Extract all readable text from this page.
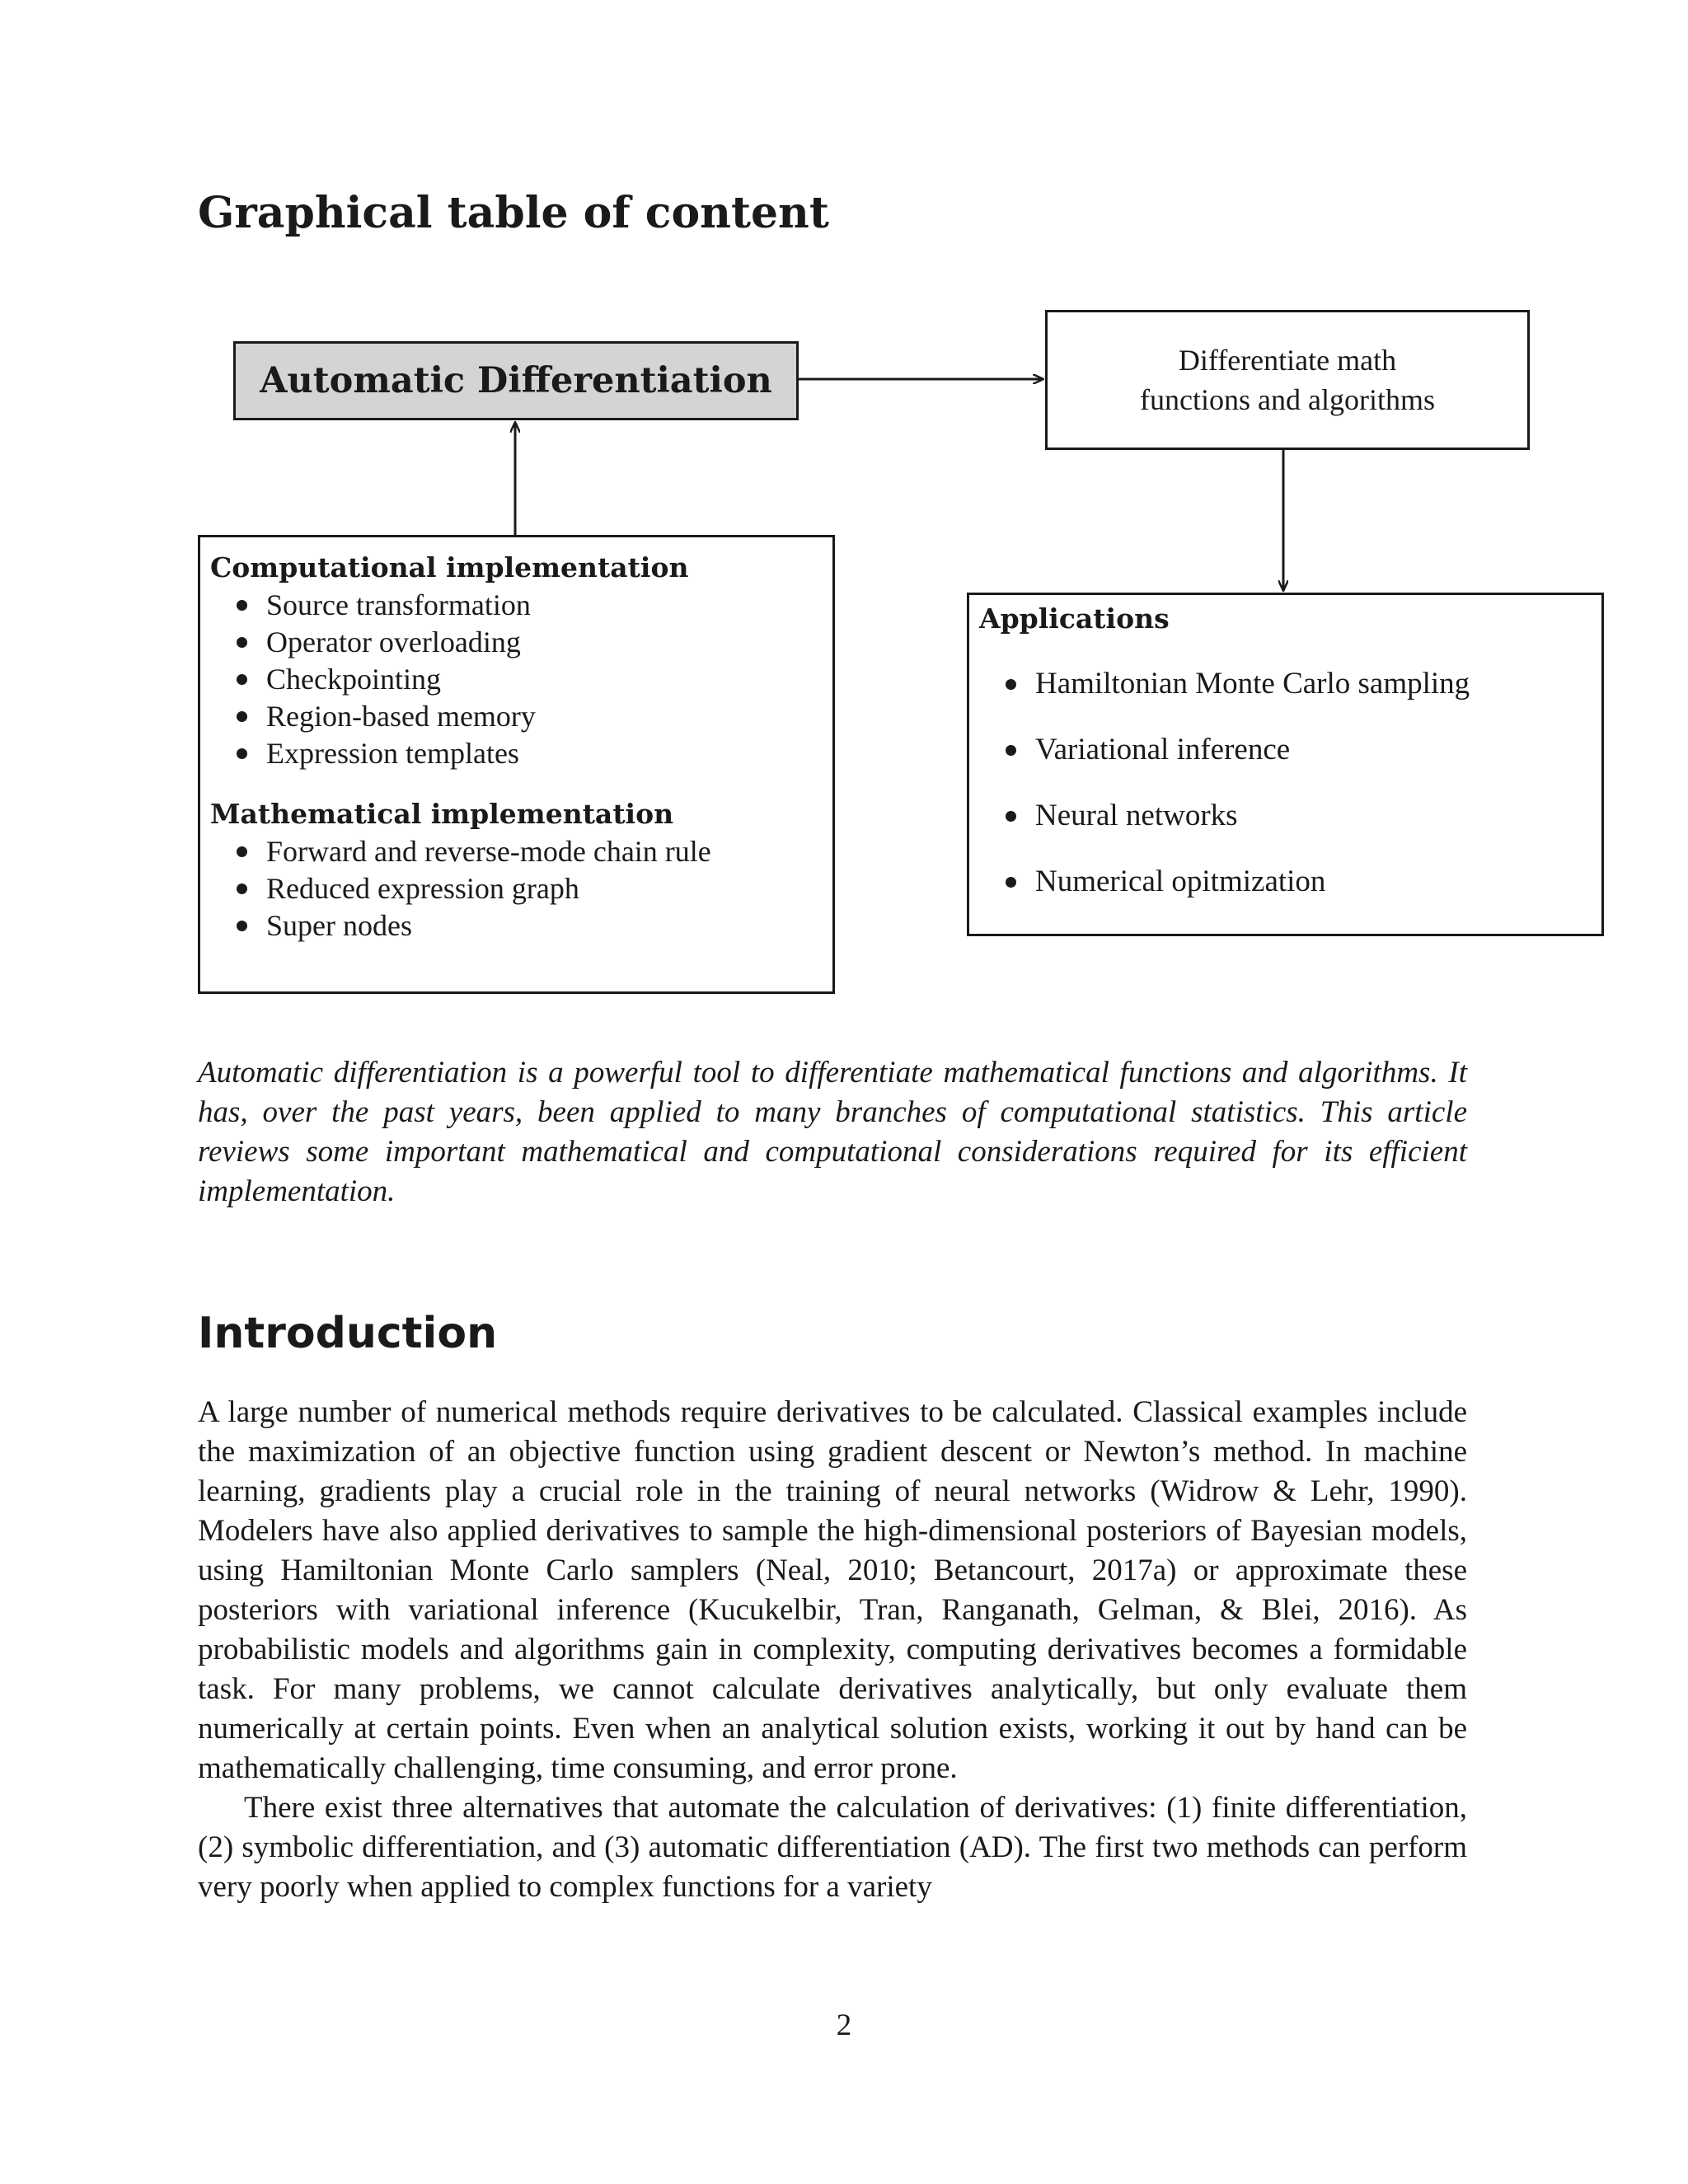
Graphical table of content
Automatic Differentiation	Differentiate math
functions and algorithms
Computational implementation
Source transformation
Operator overloading
Checkpointing
Region-based memory
Expression templates
Mathematical implementation
Forward and reverse-mode chain rule
Reduced expression graph
Super nodes
Applications
Hamiltonian Monte Carlo sampling
Variational inference
Neural networks
Numerical opitmization

Automatic differentiation is a powerful tool to differentiate mathematical functions and algorithms. It has, over the past years, been applied to many branches of computational statistics. This article reviews some important mathematical and computational considerations required for its efficient implementation.

Introduction

A large number of numerical methods require derivatives to be calculated. Classical examples include the maximization of an objective function using gradient descent or Newton’s method. In machine learning, gradients play a crucial role in the training of neural networks (Widrow & Lehr, 1990). Modelers have also applied derivatives to sample the high-dimensional posteriors of Bayesian models, using Hamiltonian Monte Carlo samplers (Neal, 2010; Betancourt, 2017a) or approximate these posteriors with variational inference (Kucukelbir, Tran, Ranganath, Gelman, & Blei, 2016). As probabilistic models and algorithms gain in complexity, computing derivatives becomes a formidable task. For many problems, we cannot calculate derivatives analytically, but only evaluate them numerically at certain points. Even when an analytical solution exists, working it out by hand can be mathematically challenging, time consuming, and error prone.

There exist three alternatives that automate the calculation of derivatives: (1) finite differentiation, (2) symbolic differentiation, and (3) automatic differentiation (AD). The first two methods can perform very poorly when applied to complex functions for a variety

2
